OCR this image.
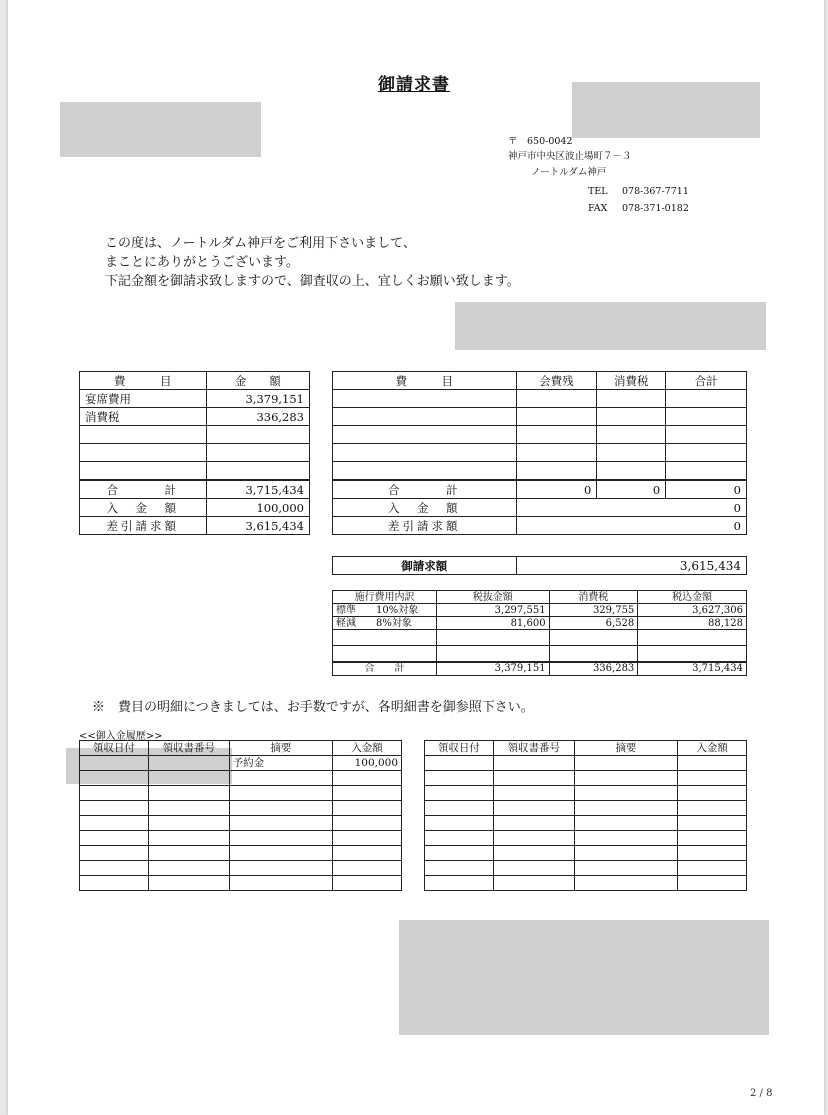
御請求書
〒　650-0042
神戸市中央区波止場町７－３
ノートルダム神戸
TEL 078-367-7711
FAX 078-371-0182
この度は、ノートルダム神戸をご利用下さいまして、
まことにありがとうございます。
下記金額を御請求致しますので、御査収の上、宜しくお願い致します。
費　　　目	金　　額
宴席費用	3,379,151
消費税	336,283

合　　　計	3,715,434
入　金　額	100,000
差引請求額	3,615,434
費　　　目	会費残	消費税	合計

合　　　計	0	0	0
入　金　額	0		
差引請求額	0		
御請求額	3,615,434
施行費用内訳	税抜金額	消費税	税込金額
標準　　10%対象	3,297,551	329,755	3,627,306
軽減　　8%対象	81,600	6,528	88,128

合　　計	3,379,151	336,283	3,715,434
※　費目の明細につきましては、お手数ですが、各明細書を御参照下さい。
<<御入金履歴>>
領収日付	領収書番号	摘要	入金額
		予約金	100,000

領収日付	領収書番号	摘要	入金額

2 / 8
